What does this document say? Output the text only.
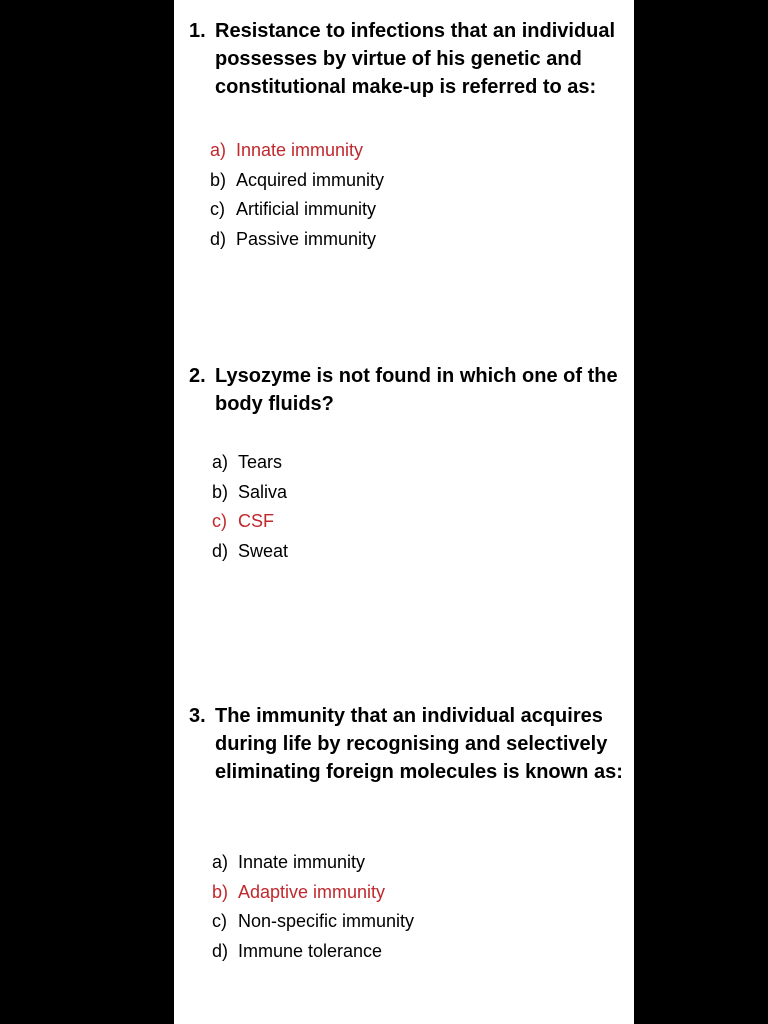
1. Resistance to infections that an individual possesses by virtue of his genetic and constitutional make-up is referred to as:

a) Innate immunity
b) Acquired immunity
c) Artificial immunity
d) Passive immunity

2. Lysozyme is not found in which one of the body fluids?

a) Tears
b) Saliva
c) CSF
d) Sweat

3. The immunity that an individual acquires during life by recognising and selectively eliminating foreign molecules is known as:

a) Innate immunity
b) Adaptive immunity
c) Non-specific immunity
d) Immune tolerance
